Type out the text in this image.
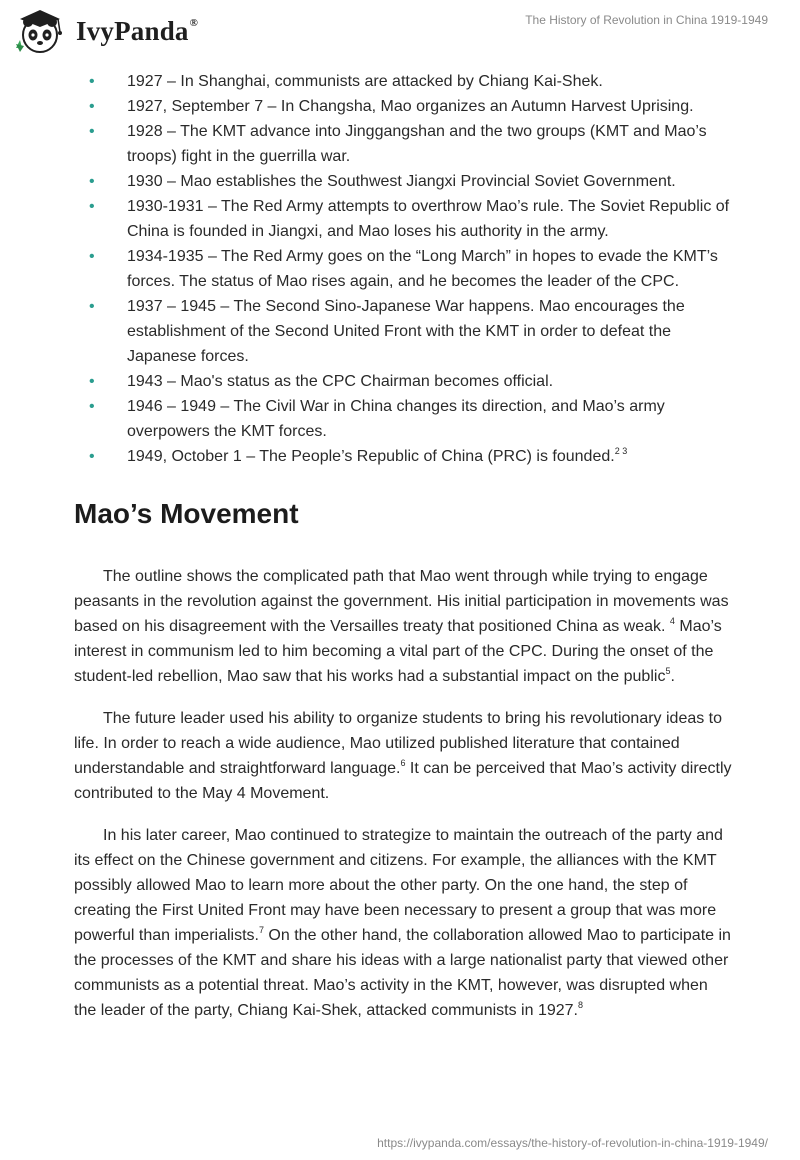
IvyPanda®	The History of Revolution in China 1919-1949
• 1927 – In Shanghai, communists are attacked by Chiang Kai-Shek.
• 1927, September 7 – In Changsha, Mao organizes an Autumn Harvest Uprising.
• 1928 – The KMT advance into Jinggangshan and the two groups (KMT and Mao’s troops) fight in the guerrilla war.
• 1930 – Mao establishes the Southwest Jiangxi Provincial Soviet Government.
• 1930-1931 – The Red Army attempts to overthrow Mao’s rule. The Soviet Republic of China is founded in Jiangxi, and Mao loses his authority in the army.
• 1934-1935 – The Red Army goes on the “Long March” in hopes to evade the KMT’s forces. The status of Mao rises again, and he becomes the leader of the CPC.
• 1937 – 1945 – The Second Sino-Japanese War happens. Mao encourages the establishment of the Second United Front with the KMT in order to defeat the Japanese forces.
• 1943 – Mao's status as the CPC Chairman becomes official.
• 1946 – 1949 – The Civil War in China changes its direction, and Mao’s army overpowers the KMT forces.
• 1949, October 1 – The People’s Republic of China (PRC) is founded.$^{2 3}$
Mao’s Movement

The outline shows the complicated path that Mao went through while trying to engage peasants in the revolution against the government. His initial participation in movements was based on his disagreement with the Versailles treaty that positioned China as weak. $^4$ Mao’s interest in communism led to him becoming a vital part of the CPC. During the onset of the student-led rebellion, Mao saw that his works had a substantial impact on the public$^5$.

The future leader used his ability to organize students to bring his revolutionary ideas to life. In order to reach a wide audience, Mao utilized published literature that contained understandable and straightforward language.$^6$ It can be perceived that Mao’s activity directly contributed to the May 4 Movement.

In his later career, Mao continued to strategize to maintain the outreach of the party and its effect on the Chinese government and citizens. For example, the alliances with the KMT possibly allowed Mao to learn more about the other party. On the one hand, the step of creating the First United Front may have been necessary to present a group that was more powerful than imperialists.$^7$ On the other hand, the collaboration allowed Mao to participate in the processes of the KMT and share his ideas with a large nationalist party that viewed other communists as a potential threat. Mao’s activity in the KMT, however, was disrupted when the leader of the party, Chiang Kai-Shek, attacked communists in 1927.$^8$

https://ivypanda.com/essays/the-history-of-revolution-in-china-1919-1949/
